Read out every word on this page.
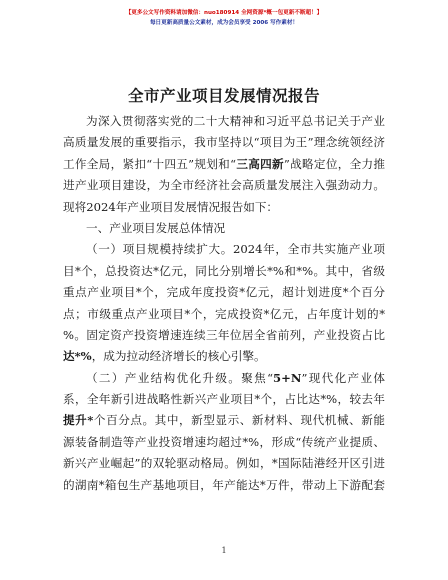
【更多公文写作资料请加微信：nuo180914 全网资源*概一包更新不断超！】
每日更新高质量公文素材，成为会员享受 2006 写作素材！
全市产业项目发展情况报告
为深入贯彻落实党的二十大精神和习近平总书记关于产业
高质量发展的重要指示，我市坚持以“项目为王”理念统领经济
工作全局，紧扣“十四五”规划和“三高四新”战略定位，全力推
进产业项目建设，为全市经济社会高质量发展注入强劲动力。
现将2024年产业项目发展情况报告如下：
一、产业项目发展总体情况
（一）项目规模持续扩大。2024年，全市共实施产业项
目*个，总投资达*亿元，同比分别增长*%和*%。其中，省级
重点产业项目*个，完成年度投资*亿元，超计划进度*个百分
点；市级重点产业项目*个，完成投资*亿元，占年度计划的*
%。固定资产投资增速连续三年位居全省前列，产业投资占比
达*%，成为拉动经济增长的核心引擎。
（二）产业结构优化升级。聚焦“5+N”现代化产业体
系，全年新引进战略性新兴产业项目*个，占比达*%，较去年
提升*个百分点。其中，新型显示、新材料、现代机械、新能
源装备制造等产业投资增速均超过*%，形成“传统产业提质、
新兴产业崛起”的双轮驱动格局。例如，*国际陆港经开区引进
的湖南*箱包生产基地项目，年产能达*万件，带动上下游配套
1
